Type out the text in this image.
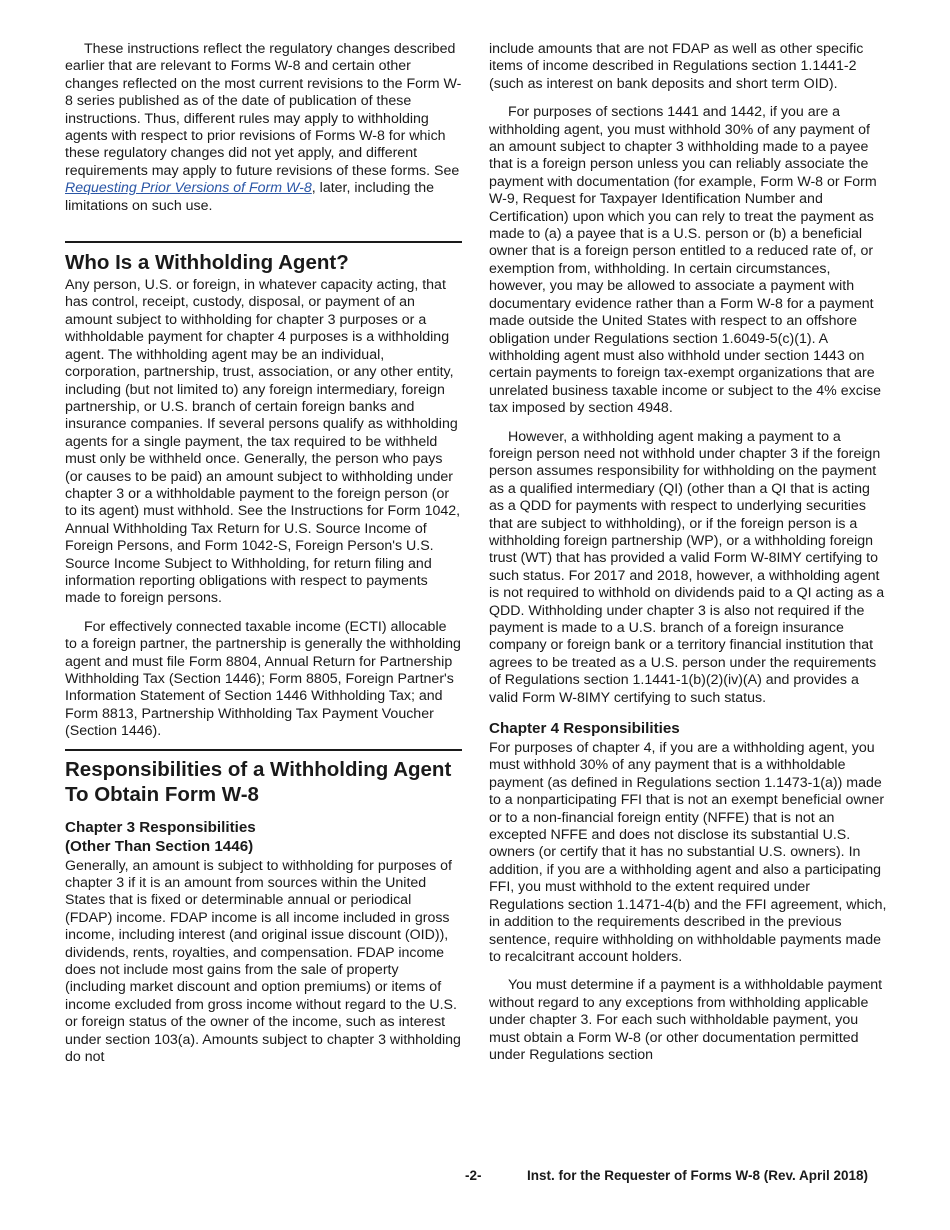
These instructions reflect the regulatory changes described earlier that are relevant to Forms W-8 and certain other changes reflected on the most current revisions to the Form W-8 series published as of the date of publication of these instructions. Thus, different rules may apply to withholding agents with respect to prior revisions of Forms W-8 for which these regulatory changes did not yet apply, and different requirements may apply to future revisions of these forms. See Requesting Prior Versions of Form W-8, later, including the limitations on such use.

Who Is a Withholding Agent?

Any person, U.S. or foreign, in whatever capacity acting, that has control, receipt, custody, disposal, or payment of an amount subject to withholding for chapter 3 purposes or a withholdable payment for chapter 4 purposes is a withholding agent. The withholding agent may be an individual, corporation, partnership, trust, association, or any other entity, including (but not limited to) any foreign intermediary, foreign partnership, or U.S. branch of certain foreign banks and insurance companies. If several persons qualify as withholding agents for a single payment, the tax required to be withheld must only be withheld once. Generally, the person who pays (or causes to be paid) an amount subject to withholding under chapter 3 or a withholdable payment to the foreign person (or to its agent) must withhold. See the Instructions for Form 1042, Annual Withholding Tax Return for U.S. Source Income of Foreign Persons, and Form 1042-S, Foreign Person's U.S. Source Income Subject to Withholding, for return filing and information reporting obligations with respect to payments made to foreign persons.

For effectively connected taxable income (ECTI) allocable to a foreign partner, the partnership is generally the withholding agent and must file Form 8804, Annual Return for Partnership Withholding Tax (Section 1446); Form 8805, Foreign Partner's Information Statement of Section 1446 Withholding Tax; and Form 8813, Partnership Withholding Tax Payment Voucher (Section 1446).

Responsibilities of a Withholding Agent To Obtain Form W-8
Chapter 3 Responsibilities
(Other Than Section 1446)

Generally, an amount is subject to withholding for purposes of chapter 3 if it is an amount from sources within the United States that is fixed or determinable annual or periodical (FDAP) income. FDAP income is all income included in gross income, including interest (and original issue discount (OID)), dividends, rents, royalties, and compensation. FDAP income does not include most gains from the sale of property (including market discount and option premiums) or items of income excluded from gross income without regard to the U.S. or foreign status of the owner of the income, such as interest under section 103(a). Amounts subject to chapter 3 withholding do not

include amounts that are not FDAP as well as other specific items of income described in Regulations section 1.1441-2 (such as interest on bank deposits and short term OID).

For purposes of sections 1441 and 1442, if you are a withholding agent, you must withhold 30% of any payment of an amount subject to chapter 3 withholding made to a payee that is a foreign person unless you can reliably associate the payment with documentation (for example, Form W-8 or Form W-9, Request for Taxpayer Identification Number and Certification) upon which you can rely to treat the payment as made to (a) a payee that is a U.S. person or (b) a beneficial owner that is a foreign person entitled to a reduced rate of, or exemption from, withholding. In certain circumstances, however, you may be allowed to associate a payment with documentary evidence rather than a Form W-8 for a payment made outside the United States with respect to an offshore obligation under Regulations section 1.6049-5(c)(1). A withholding agent must also withhold under section 1443 on certain payments to foreign tax-exempt organizations that are unrelated business taxable income or subject to the 4% excise tax imposed by section 4948.

However, a withholding agent making a payment to a foreign person need not withhold under chapter 3 if the foreign person assumes responsibility for withholding on the payment as a qualified intermediary (QI) (other than a QI that is acting as a QDD for payments with respect to underlying securities that are subject to withholding), or if the foreign person is a withholding foreign partnership (WP), or a withholding foreign trust (WT) that has provided a valid Form W-8IMY certifying to such status. For 2017 and 2018, however, a withholding agent is not required to withhold on dividends paid to a QI acting as a QDD. Withholding under chapter 3 is also not required if the payment is made to a U.S. branch of a foreign insurance company or foreign bank or a territory financial institution that agrees to be treated as a U.S. person under the requirements of Regulations section 1.1441-1(b)(2)(iv)(A) and provides a valid Form W-8IMY certifying to such status.

Chapter 4 Responsibilities

For purposes of chapter 4, if you are a withholding agent, you must withhold 30% of any payment that is a withholdable payment (as defined in Regulations section 1.1473-1(a)) made to a nonparticipating FFI that is not an exempt beneficial owner or to a non-financial foreign entity (NFFE) that is not an excepted NFFE and does not disclose its substantial U.S. owners (or certify that it has no substantial U.S. owners). In addition, if you are a withholding agent and also a participating FFI, you must withhold to the extent required under Regulations section 1.1471-4(b) and the FFI agreement, which, in addition to the requirements described in the previous sentence, require withholding on withholdable payments made to recalcitrant account holders.

You must determine if a payment is a withholdable payment without regard to any exceptions from withholding applicable under chapter 3. For each such withholdable payment, you must obtain a Form W-8 (or other documentation permitted under Regulations section

-2-	Inst. for the Requester of Forms W-8 (Rev. April 2018)
